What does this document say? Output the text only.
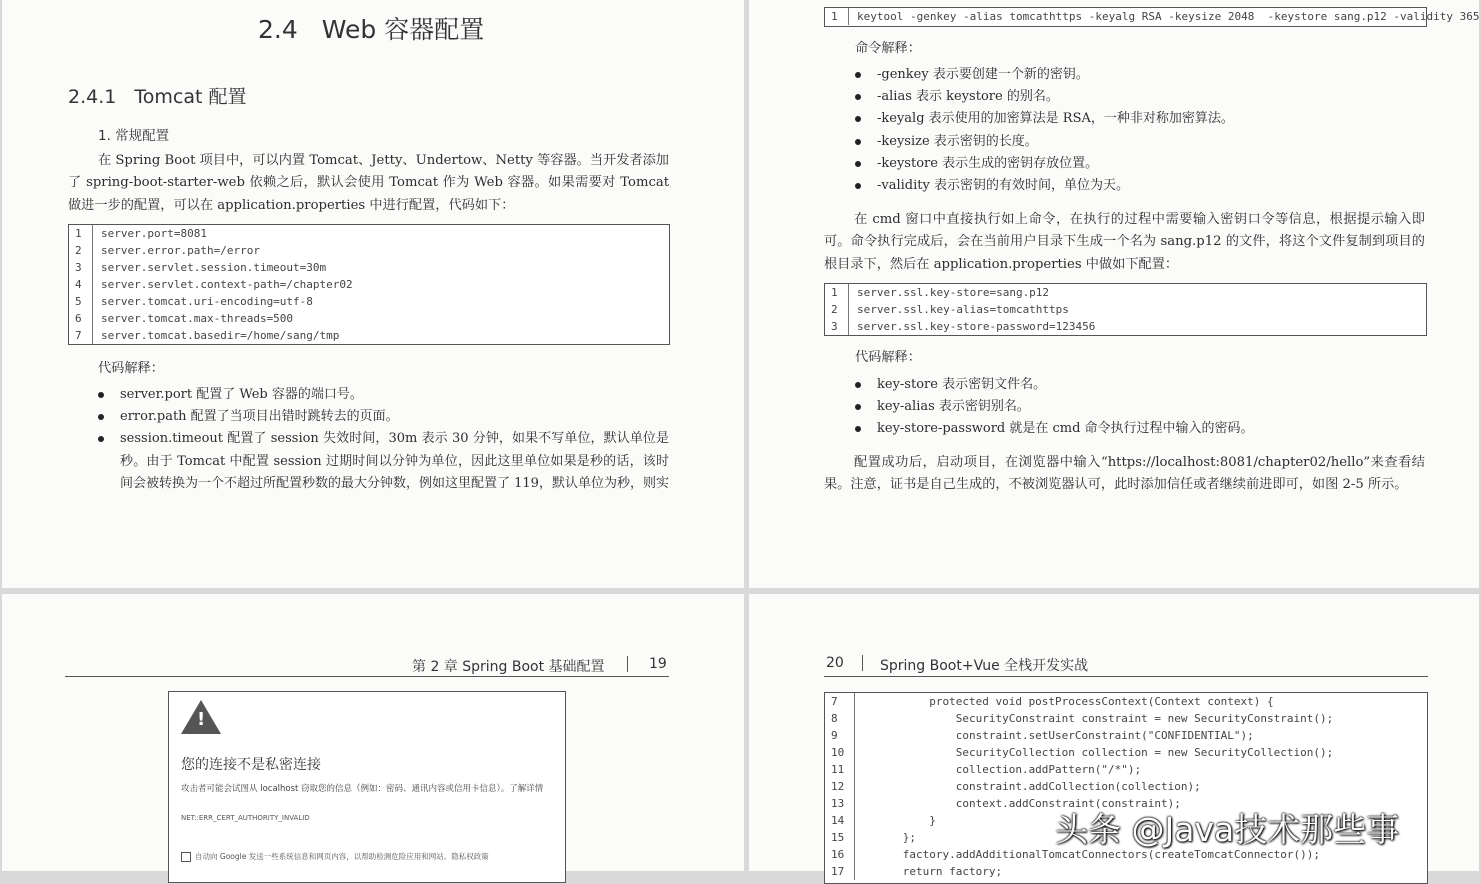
2.4 Web 容器配置
2.4.1 Tomcat 配置
1. 常规配置
在 Spring Boot 项目中，可以内置 Tomcat、Jetty、Undertow、Netty 等容器。当开发者添加了 spring-boot-starter-web 依赖之后，默认会使用 Tomcat 作为 Web 容器。如果需要对 Tomcat 做进一步的配置，可以在 application.properties 中进行配置，代码如下：
1	server.port=8081
2	server.error.path=/error
3	server.servlet.session.timeout=30m
4	server.servlet.context-path=/chapter02
5	server.tomcat.uri-encoding=utf-8
6	server.tomcat.max-threads=500
7	server.tomcat.basedir=/home/sang/tmp
代码解释：
server.port 配置了 Web 容器的端口号。
error.path 配置了当项目出错时跳转去的页面。
session.timeout 配置了 session 失效时间，30m 表示 30 分钟，如果不写单位，默认单位是秒。由于 Tomcat 中配置 session 过期时间以分钟为单位，因此这里单位如果是秒的话，该时间会被转换为一个不超过所配置秒数的最大分钟数，例如这里配置了 119，默认单位为秒，则实
1	keytool -genkey -alias tomcathttps -keyalg RSA -keysize 2048  -keystore sang.p12 -validity 365
命令解释：
-genkey 表示要创建一个新的密钥。
-alias 表示 keystore 的别名。
-keyalg 表示使用的加密算法是 RSA，一种非对称加密算法。
-keysize 表示密钥的长度。
-keystore 表示生成的密钥存放位置。
-validity 表示密钥的有效时间，单位为天。
在 cmd 窗口中直接执行如上命令，在执行的过程中需要输入密钥口令等信息，根据提示输入即可。命令执行完成后，会在当前用户目录下生成一个名为 sang.p12 的文件，将这个文件复制到项目的根目录下，然后在 application.properties 中做如下配置：
1	server.ssl.key-store=sang.p12
2	server.ssl.key-alias=tomcathttps
3	server.ssl.key-store-password=123456
代码解释：
key-store 表示密钥文件名。
key-alias 表示密钥别名。
key-store-password 就是在 cmd 命令执行过程中输入的密码。
配置成功后，启动项目，在浏览器中输入“https://localhost:8081/chapter02/hello”来查看结果。注意，证书是自己生成的，不被浏览器认可，此时添加信任或者继续前进即可，如图 2-5 所示。
第 2 章 Spring Boot 基础配置	19
!
您的连接不是私密连接
攻击者可能会试图从 localhost 窃取您的信息（例如：密码、通讯内容或信用卡信息）。了解详情
NET::ERR_CERT_AUTHORITY_INVALID
自动向 Google 发送一些系统信息和网页内容，以帮助检测危险应用和网站。隐私权政策
20	Spring Boot+Vue 全栈开发实战
7	protected void postProcessContext(Context context) {
8	SecurityConstraint constraint = new SecurityConstraint();
9	constraint.setUserConstraint("CONFIDENTIAL");
10	SecurityCollection collection = new SecurityCollection();
11	collection.addPattern("/*");
12	constraint.addCollection(collection);
13	context.addConstraint(constraint);
14	}
15	};
16	factory.addAdditionalTomcatConnectors(createTomcatConnector());
17	return factory;
头条 @Java技术那些事
